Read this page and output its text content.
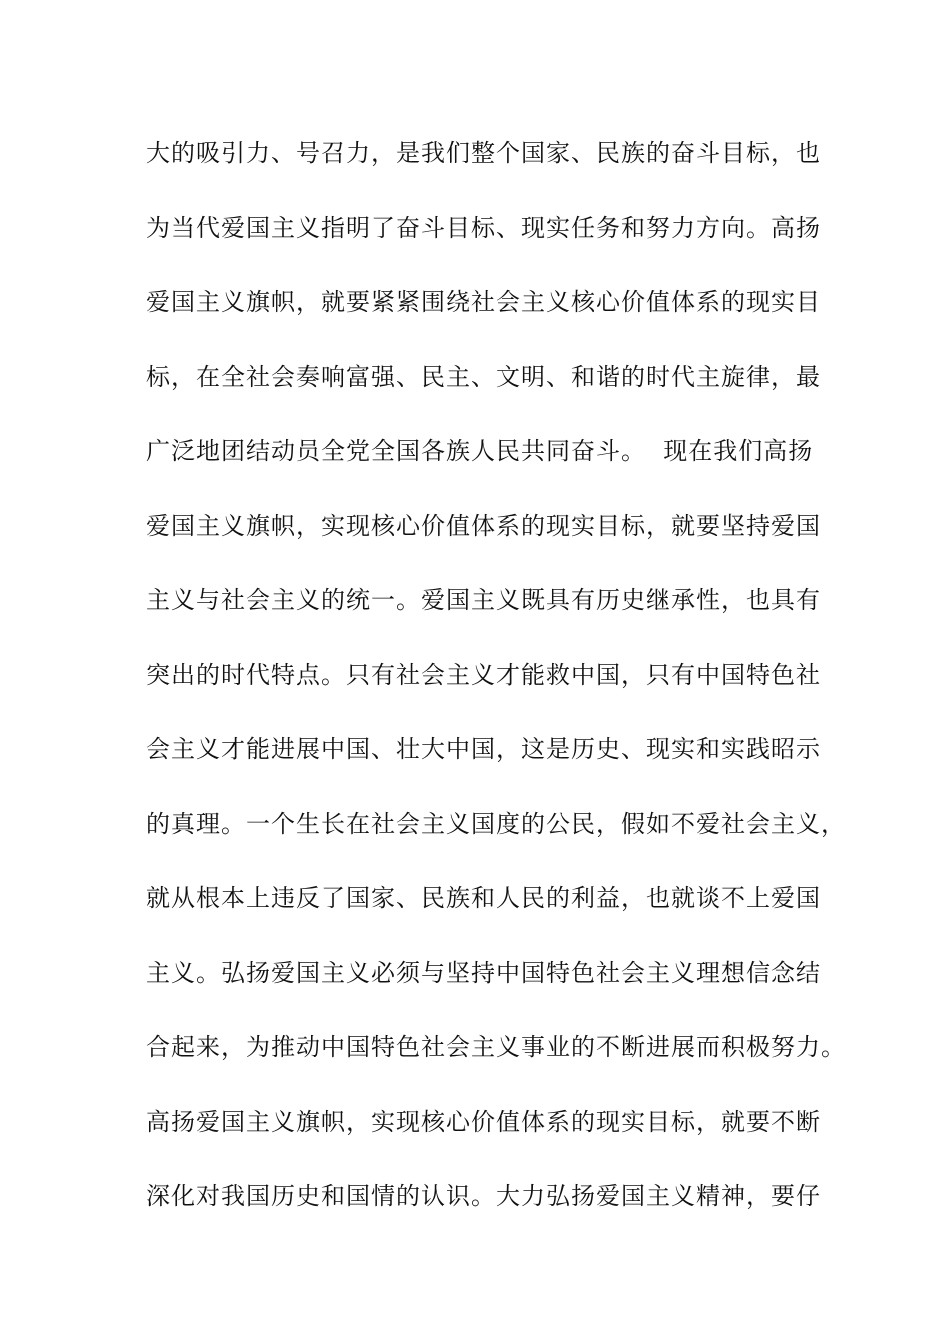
大的吸引力、号召力，是我们整个国家、民族的奋斗目标，也
为当代爱国主义指明了奋斗目标、现实任务和努力方向。高扬
爱国主义旗帜，就要紧紧围绕社会主义核心价值体系的现实目
标，在全社会奏响富强、民主、文明、和谐的时代主旋律，最
广泛地团结动员全党全国各族人民共同奋斗。  现在我们高扬
爱国主义旗帜，实现核心价值体系的现实目标，就要坚持爱国
主义与社会主义的统一。爱国主义既具有历史继承性，也具有
突出的时代特点。只有社会主义才能救中国，只有中国特色社
会主义才能进展中国、壮大中国，这是历史、现实和实践昭示
的真理。一个生长在社会主义国度的公民，假如不爱社会主义，
就从根本上违反了国家、民族和人民的利益，也就谈不上爱国
主义。弘扬爱国主义必须与坚持中国特色社会主义理想信念结
合起来，为推动中国特色社会主义事业的不断进展而积极努力。
高扬爱国主义旗帜，实现核心价值体系的现实目标，就要不断
深化对我国历史和国情的认识。大力弘扬爱国主义精神，要仔
